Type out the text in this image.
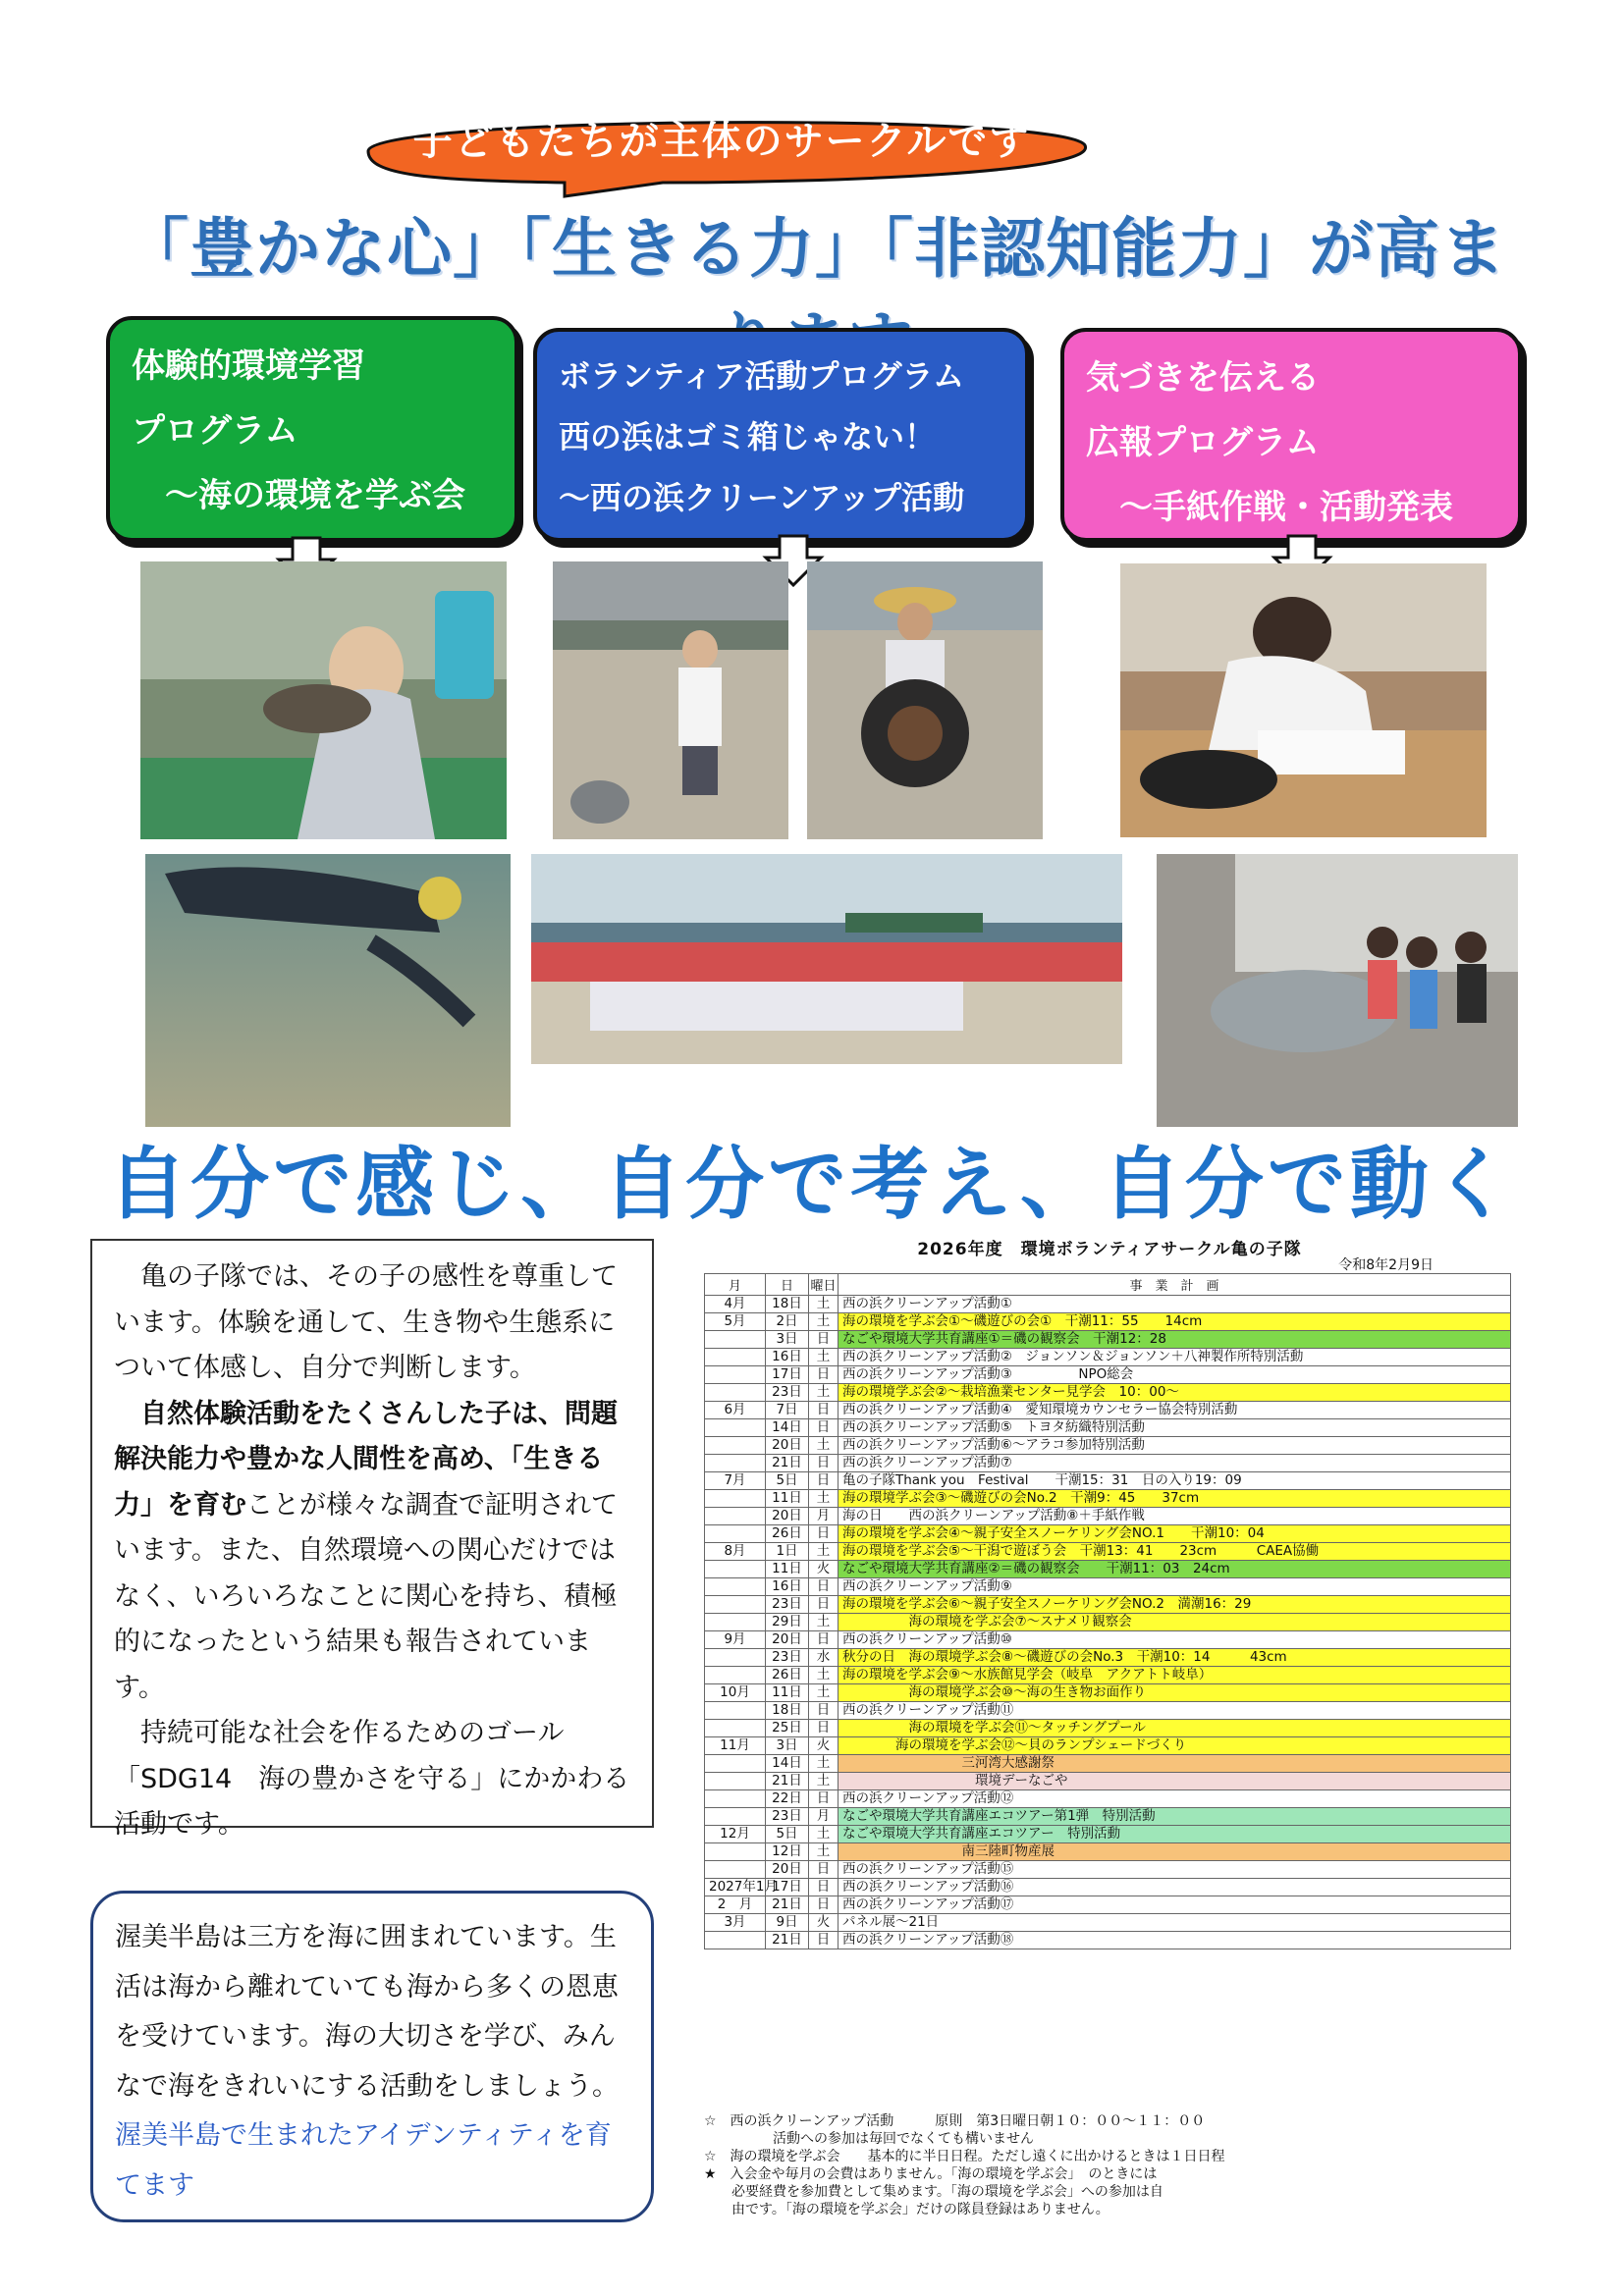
子どもたちが主体のサークルです
「豊かな心」「生きる力」「非認知能力」が高ま
体験的環境学習
プログラム
　～海の環境を学ぶ会
ボランティア活動プログラム
西の浜はゴミ箱じゃない！
～西の浜クリーンアップ活動
気づきを伝える
広報プログラム
　～手紙作戦・活動発表
自分で感じ、自分で考え、自分で動く

　亀の子隊では、その子の感性を尊重しています。体験を通して、生き物や生態系について体感し、自分で判断します。

　自然体験活動をたくさんした子は、問題解決能力や豊かな人間性を高め、「生きる力」を育むことが様々な調査で証明されています。また、自然環境への関心だけではなく、いろいろなことに関心を持ち、積極的になったという結果も報告されています。

　持続可能な社会を作るためのゴール「SDG14　海の豊かさを守る」にかかわる活動です。

渥美半島は三方を海に囲まれています。生活は海から離れていても海から多くの恩恵を受けています。海の大切さを学び、みんなで海をきれいにする活動をしましょう。

渥美半島で生まれたアイデンティティを育てます

2026年度　環境ボランティアサークル亀の子隊
令和8年2月9日
月	日	曜日	事　業　計　画
4月	18日	土	西の浜クリーンアップ活動①
5月	2日	土	海の環境を学ぶ会①～磯遊びの会①　干潮11：55　　14cm
	3日	日	なごや環境大学共育講座①＝磯の観察会　干潮12：28
	16日	土	西の浜クリーンアップ活動②　ジョンソン＆ジョンソン＋八神製作所特別活動
	17日	日	西の浜クリーンアップ活動③　　　　　NPO総会
	23日	土	海の環境学ぶ会②～栽培漁業センター見学会　10：00～
6月	7日	日	西の浜クリーンアップ活動④　愛知環境カウンセラー協会特別活動
	14日	日	西の浜クリーンアップ活動⑤　トヨタ紡織特別活動
	20日	土	西の浜クリーンアップ活動⑥～アラコ参加特別活動
	21日	日	西の浜クリーンアップ活動⑦
7月	5日	日	亀の子隊Thank you　Festival　　干潮15：31　日の入り19：09
	11日	土	海の環境学ぶ会③～磯遊びの会No.2　干潮9：45　　37cm
	20日	月	海の日　　西の浜クリーンアップ活動⑧＋手紙作戦
	26日	日	海の環境を学ぶ会④～親子安全スノーケリング会NO.1　　干潮10：04
8月	1日	土	海の環境を学ぶ会⑤～干潟で遊ぼう会　干潮13：41　　23cm　　　CAEA協働
	11日	火	なごや環境大学共育講座②＝磯の観察会　　干潮11：03　24cm
	16日	日	西の浜クリーンアップ活動⑨
	23日	日	海の環境を学ぶ会⑥～親子安全スノーケリング会NO.2　満潮16：29
	29日	土	　　　　　海の環境を学ぶ会⑦～スナメリ観察会
9月	20日	日	西の浜クリーンアップ活動⑩
	23日	水	秋分の日　海の環境学ぶ会⑧～磯遊びの会No.3　干潮10：14　　　43cm
	26日	土	海の環境を学ぶ会⑨～水族館見学会（岐阜　アクアトト岐阜）
10月	11日	土	　　　　　海の環境学ぶ会⑩～海の生き物お面作り
	18日	日	西の浜クリーンアップ活動⑪
	25日	日	　　　　　海の環境を学ぶ会⑪～タッチングプール
11月	3日	火	　　　　海の環境を学ぶ会⑫～貝のランプシェードづくり
	14日	土	　　　　　　　　　三河湾大感謝祭
	21日	土	　　　　　　　　　　環境デーなごや
	22日	日	西の浜クリーンアップ活動⑫
	23日	月	なごや環境大学共育講座エコツアー第1弾　特別活動
12月	5日	土	なごや環境大学共育講座エコツアー　特別活動
	12日	土	　　　　　　　　　南三陸町物産展
	20日	日	西の浜クリーンアップ活動⑮
2027年1月	17日	日	西の浜クリーンアップ活動⑯
2　月	21日	日	西の浜クリーンアップ活動⑰
3月	9日	火	パネル展～21日
	21日	日	西の浜クリーンアップ活動⑱
☆　西の浜クリーンアップ活動　　　原則　第3日曜日朝１０：００～１１：００
　　　　　活動への参加は毎回でなくても構いません
☆　海の環境を学ぶ会　　基本的に半日日程。ただし遠くに出かけるときは１日日程
★　入会金や毎月の会費はありません。「海の環境を学ぶ会」　のときには
　　必要経費を参加費として集めます。「海の環境を学ぶ会」への参加は自
　　由です。「海の環境を学ぶ会」だけの隊員登録はありません。
